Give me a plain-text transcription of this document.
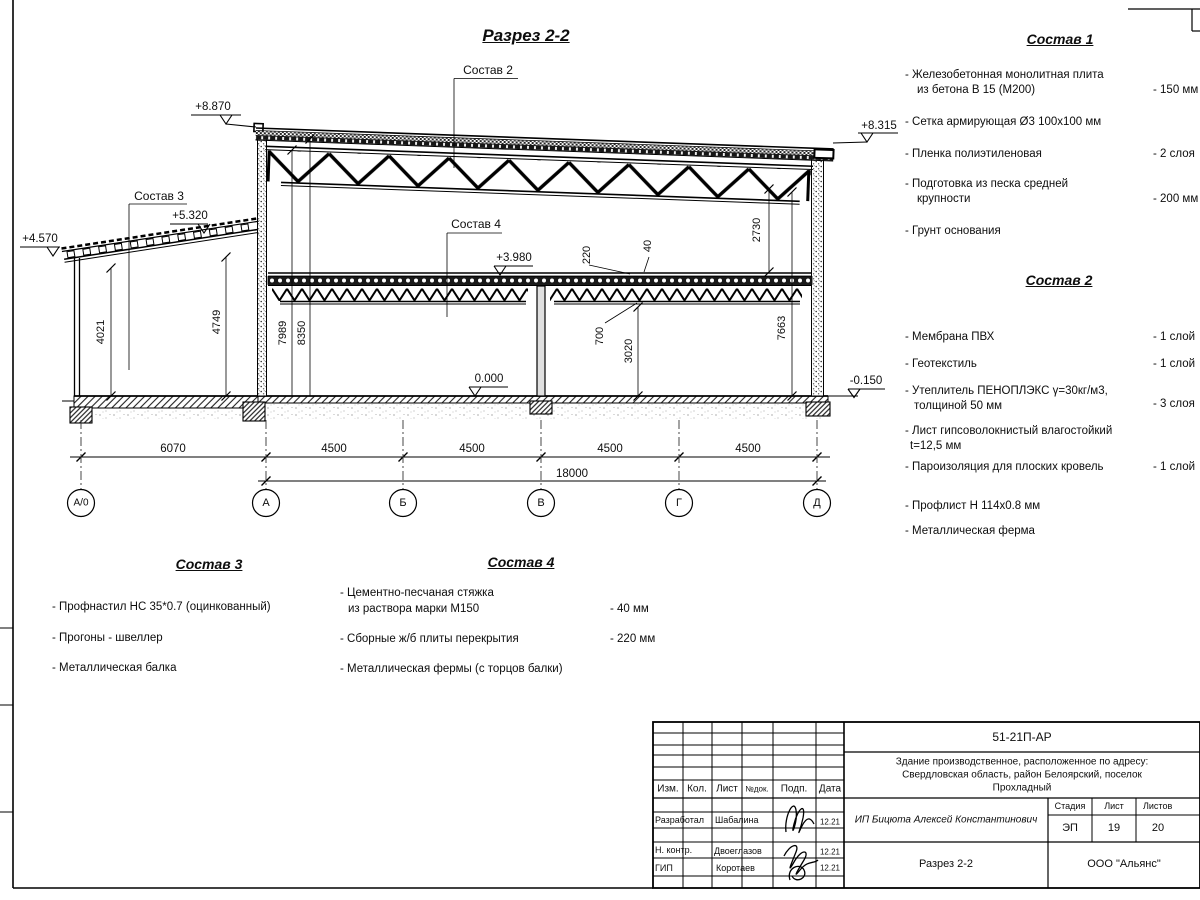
Разрез 2-2
Состав 2
Состав 3
Состав 4
+8.870
+8.315
+5.320
+4.570
+3.980
0.000	-0.150
4021	4749	7989 8350
220	40
700
3020
2730
7663
6070	4500	4500	4500	4500
18000
А/0	А	Б	В	Г	Д
Состав 1
- Железобетонная монолитная плита
из бетона В 15 (М200)	- 150 мм
- Сетка армирующая Ø3 100х100 мм
- Пленка полиэтиленовая	- 2 слоя
- Подготовка из песка средней
крупности	- 200 мм
- Грунт основания
Состав 2
- Мембрана ПВХ	- 1 слой
- Геотекстиль	- 1 слой
- Утеплитель ПЕНОПЛЭКС γ=30кг/м3,
толщиной 50 мм	- 3 слоя
- Лист гипсоволокнистый влагостойкий
t=12,5 мм
- Пароизоляция для плоских кровель	- 1 слой
- Профлист Н 114х0.8 мм
- Металлическая ферма
Состав 3
- Профнастил НС 35*0.7 (оцинкованный)
- Прогоны - швеллер
- Металлическая балка
Состав 4
- Цементно-песчаная стяжка
из раствора марки М150	- 40 мм
- Сборные ж/б плиты перекрытия	- 220 мм
- Металлическая фермы (с торцов балки)
Изм. Кол. Лист №док. Подп. Дата
Разработал Шабалина	12.21
Н. контр. Двоеглазов	12.21
ГИП	Коротаев	12.21
51-21П-АР
Здание производственное, расположенное по адресу:
Свердловская область, район Белоярский, поселок
Прохладный
ИП Бицюта Алексей Константинович
Стадия Лист Листов
ЭП	19	20
Разрез 2-2	ООО "Альянс"
